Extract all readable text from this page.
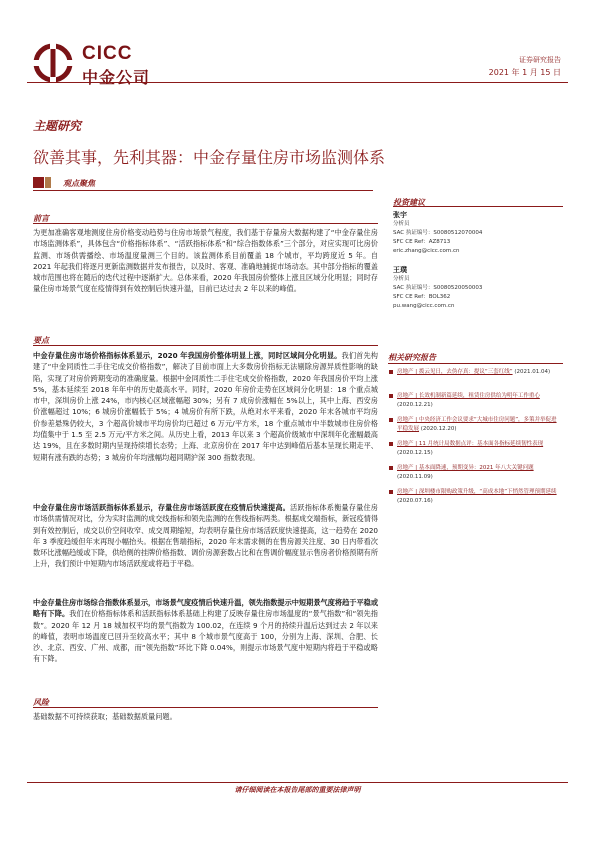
CICC
中金公司
证券研究报告
2021 年 1 月 15 日
主题研究
欲善其事，先利其器：中金存量住房市场监测体系
观点聚焦
前言
为更加准确客观地测度住房价格变动趋势与住房市场景气程度，我们基于存量房大数据构建了“中金存量住房市场监测体系”，具体包含“价格指标体系”、“活跃指标体系”和“综合指数体系”三个部分，对应实现可比房价监测、市场供需播绘、市场温度量测三个目的。该监测体系目前覆盖 18 个城市，平均跨度近 5 年。自 2021 年起我们将逐月更新监测数据并发布报告，以及时、客观、准确地捕捉市场动态。其中部分指标的覆盖城市范围也将在随后的迭代过程中逐渐扩大。总体来看，2020 年我国房价整体上涨且区域分化明显；同时存量住房市场景气度在疫情得到有效控制后快速升温，目前已达过去 2 年以来的峰值。
要点
中金存量住房市场价格指标体系显示，2020 年我国房价整体明显上涨，同时区域间分化明显。我们首先构建了“中金同质性二手住宅成交价格指数”，解决了目前市面上大多数房价指标无法剔除房源异质性影响的缺陷，实现了对房价跨期变动的准确度量。根据中金同质性二手住宅成交价格指数，2020 年我国房价平均上涨 5%，基本延续至 2018 年年中的历史最高水平。同时，2020 年房价走势在区域间分化明显：18 个重点城市中，深圳房价上涨 24%，市内核心区域涨幅超 30%；另有 7 成房价涨幅在 5%以上，其中上海、西安房价涨幅超过 10%；6 城房价涨幅低于 5%；4 城房价有所下跌，从绝对水平来看，2020 年末各城市平均房价参差悬殊仍较大，3 个超高价城市平均房价均已超过 6 万元/平方米，18 个重点城市中半数城市住房价格均值集中于 1.5 至 2.5 万元/平方米之间。从历史上看，2013 年以来 3 个超高价级城市中深圳年化涨幅最高达 19%，且在多数时期内呈现持续增长态势；上海、北京房价在 2017 年中达到峰值后基本呈现长期走平、短期有涨有跌的态势；3 城房价年均涨幅均超同期沪深 300 指数表现。
中金存量住房市场活跃指标体系显示，存量住房市场活跃度在疫情后快速提高。活跃指标体系衡量存量住房市场供需情况对比，分为实时监测的成交线指标和领先监测的在售线指标两类。根据成交端指标，新冠疫情得到有效控制后，成交以价空间收窄、成交周期缩短，均表明存量住房市场活跃度快速提高，这一趋势在 2020 年 3 季度趋缓但年末再现小幅抬头。根据在售端指标，2020 年末需求侧的在售房源关注度、30 日内带看次数环比涨幅趋缓或下降，供给侧的挂牌价格指数、调价房源套数占比和在售调价幅度显示售房者价格预期有所上升，我们预计中短期内市场活跃度或将趋于平稳。
中金存量住房市场综合指数体系显示，市场景气度疫情后快速升温，领先指数提示中短期景气度将趋于平稳或略有下降。我们在价格指标体系和活跃指标体系基础上构建了反映存量住房市场温度的“景气指数”和“领先指数”。2020 年 12 月 18 城加权平均的景气指数为 100.02，在连续 9 个月的持续升温后达到过去 2 年以来的峰值，表明市场温度已回升至较高水平；其中 8 个城市景气度高于 100，分别为上海、深圳、合肥、长沙、北京、西安、广州、成都，而“领先指数”环比下降 0.04%，则提示市场景气度中短期内将趋于平稳或略有下降。
风险
基础数据不可持续获取；基础数据质量问题。
投资建议
张宇
分析员
SAC 执证编号：S0080512070004
SFC CE Ref：AZ8713
eric.zhang@cicc.com.cn
王璞
分析员
SAC 执证编号：S0080520050003
SFC CE Ref：BOL362
pu.wang@cicc.com.cn
相关研究报告
房地产 | 拨云见日，去伪存真：提议“三套红线” (2021.01.04)
房地产 | 长效机制新篇延续，租赁住房供给为明年工作重心 (2020.12.21)
房地产 | 中央经济工作会议要求“大城市住房问题”，多策并举促进平稳发展 (2020.12.20)
房地产 | 11 月统计局数据点评：基本面各指标延续韧性表现 (2020.12.15)
房地产 | 基本面降速，预期变异：2021 年八大关键问题 (2020.11.09)
房地产 | 深圳楼市限购政策升级，“高成本地”下悄然管理预期延续 (2020.07.16)
请仔细阅读在本报告尾部的重要法律声明
